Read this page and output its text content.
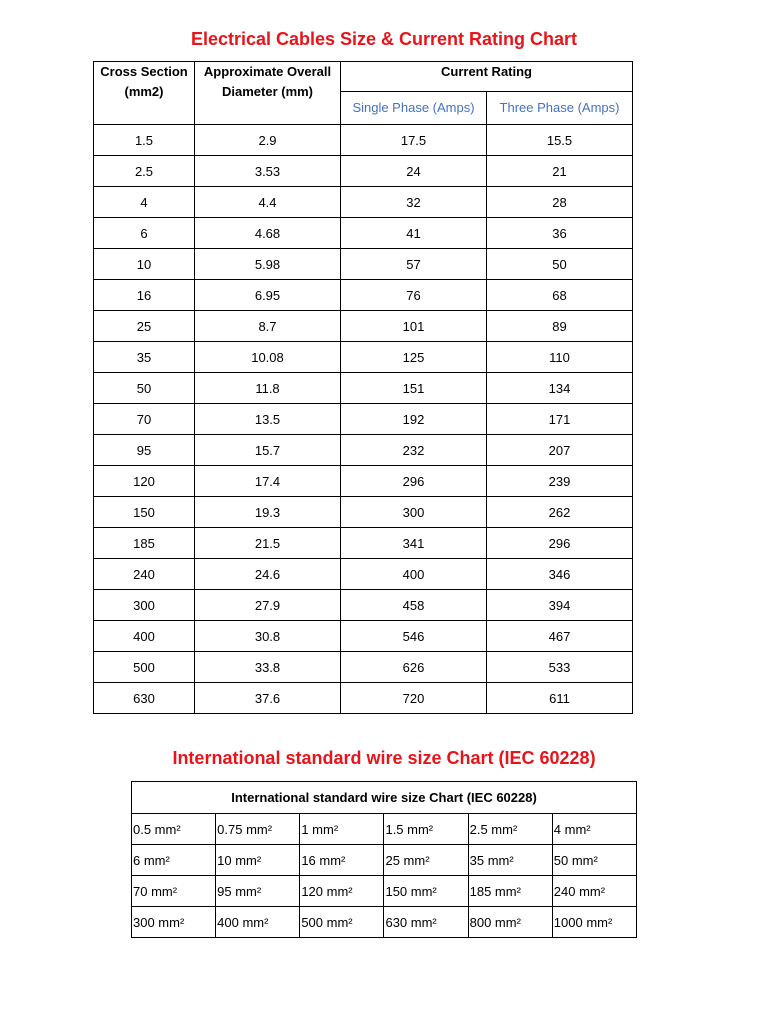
Electrical Cables Size & Current Rating Chart
Cross Section (mm2)	Approximate Overall Diameter (mm)	Current Rating	
		Single Phase (Amps)	Three Phase (Amps)
1.5	2.9	17.5	15.5
2.5	3.53	24	21
4	4.4	32	28
6	4.68	41	36
10	5.98	57	50
16	6.95	76	68
25	8.7	101	89
35	10.08	125	110
50	11.8	151	134
70	13.5	192	171
95	15.7	232	207
120	17.4	296	239
150	19.3	300	262
185	21.5	341	296
240	24.6	400	346
300	27.9	458	394
400	30.8	546	467
500	33.8	626	533
630	37.6	720	611
International standard wire size Chart (IEC 60228)
International standard wire size Chart (IEC 60228)					
0.5 mm²	0.75 mm²	1 mm²	1.5 mm²	2.5 mm²	4 mm²
6 mm²	10 mm²	16 mm²	25 mm²	35 mm²	50 mm²
70 mm²	95 mm²	120 mm²	150 mm²	185 mm²	240 mm²
300 mm²	400 mm²	500 mm²	630 mm²	800 mm²	1000 mm²
